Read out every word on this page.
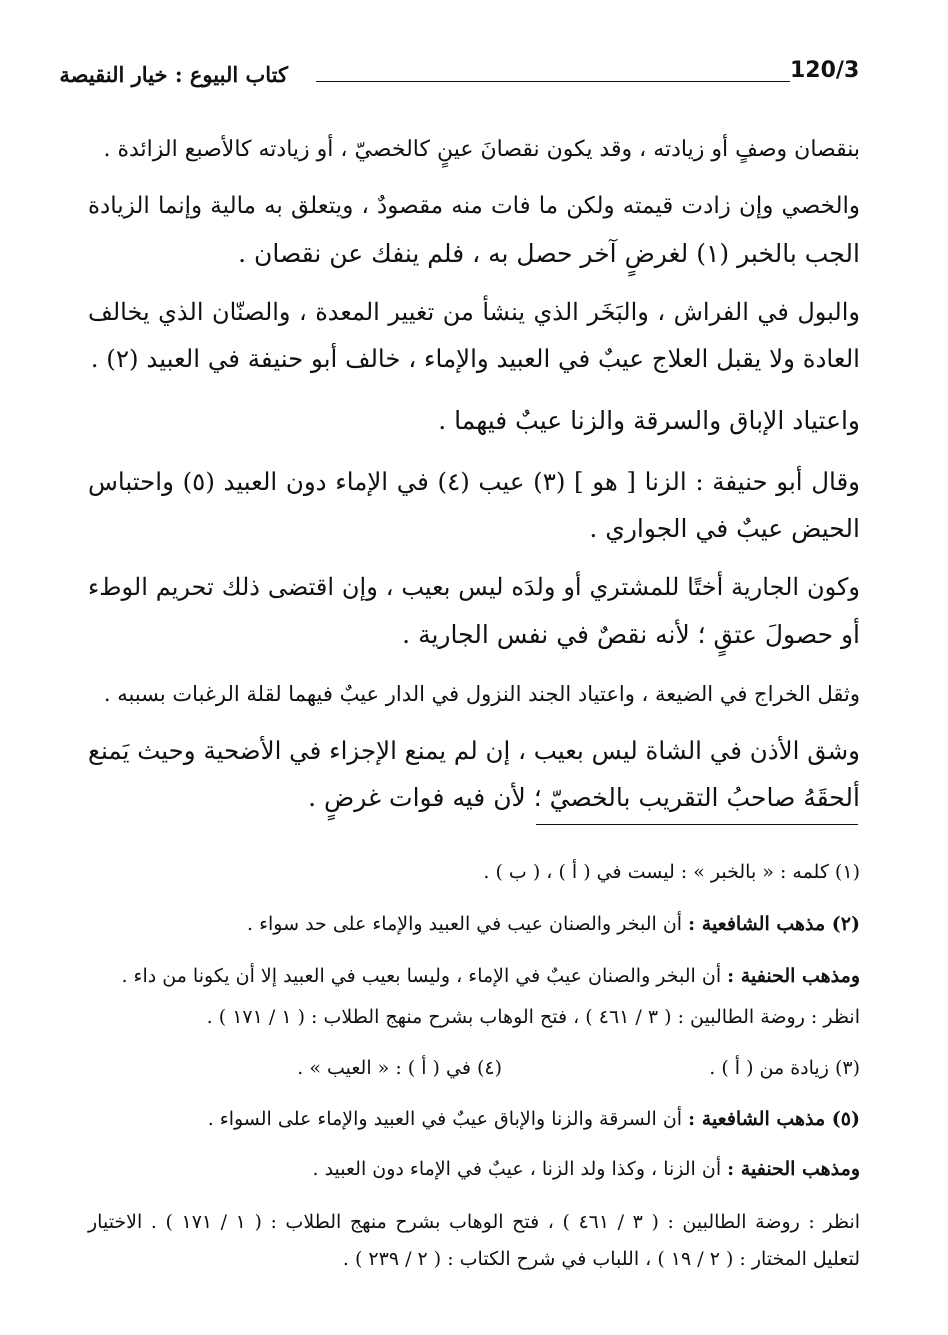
120/3
كتاب البيوع : خيار النقيصة
بنقصان وصفٍ أو زيادته ، وقد يكون نقصانَ عينٍ كالخصيّ ، أو زيادته كالأصبع الزائدة .
والخصي وإن زادت قيمته ولكن ما فات منه مقصودٌ ، ويتعلق به مالية وإنما الزيادة
الجب بالخبر (١) لغرضٍ آخر حصل به ، فلم ينفك عن نقصان .
والبول في الفراش ، والبَخَر الذي ينشأ من تغيير المعدة ، والصنّان الذي يخالف
العادة ولا يقبل العلاج عيبٌ في العبيد والإماء ، خالف أبو حنيفة في العبيد (٢) .
واعتياد الإباق والسرقة والزنا عيبٌ فيهما .
وقال أبو حنيفة : الزنا [ هو ] (٣) عيب (٤) في الإماء دون العبيد (٥) واحتباس
الحيض عيبٌ في الجواري .
وكون الجارية أختًا للمشتري أو ولدَه ليس بعيب ، وإن اقتضى ذلك تحريم الوطء
أو حصولَ عتقٍ ؛ لأنه نقصٌ في نفس الجارية .
وثقل الخراج في الضيعة ، واعتياد الجند النزول في الدار عيبٌ فيهما لقلة الرغبات بسببه .
وشق الأذن في الشاة ليس بعيب ، إن لم يمنع الإجزاء في الأضحية وحيث يَمنع
ألحقَهُ صاحبُ التقريب بالخصيّ ؛ لأن فيه فوات غرضٍ .
(١) كلمه : « بالخبر » : ليست في ( أ ) ، ( ب ) .
(٢) مذهب الشافعية : أن البخر والصنان عيب في العبيد والإماء على حد سواء .
ومذهب الحنفية : أن البخر والصنان عيبٌ في الإماء ، وليسا بعيب في العبيد إلا أن يكونا من داء .
انظر : روضة الطالبين : ( ٣ / ٤٦١ ) ، فتح الوهاب بشرح منهج الطلاب : ( ١ / ١٧١ ) .
(٣) زيادة من ( أ ) .
(٤) في ( أ ) : « العيب » .
(٥) مذهب الشافعية : أن السرقة والزنا والإباق عيبٌ في العبيد والإماء على السواء .
ومذهب الحنفية : أن الزنا ، وكذا ولد الزنا ، عيبٌ في الإماء دون العبيد .
انظر : روضة الطالبين : ( ٣ / ٤٦١ ) ، فتح الوهاب بشرح منهج الطلاب : ( ١ / ١٧١ ) . الاختيار
لتعليل المختار : ( ٢ / ١٩ ) ، اللباب في شرح الكتاب : ( ٢ / ٢٣٩ ) .
